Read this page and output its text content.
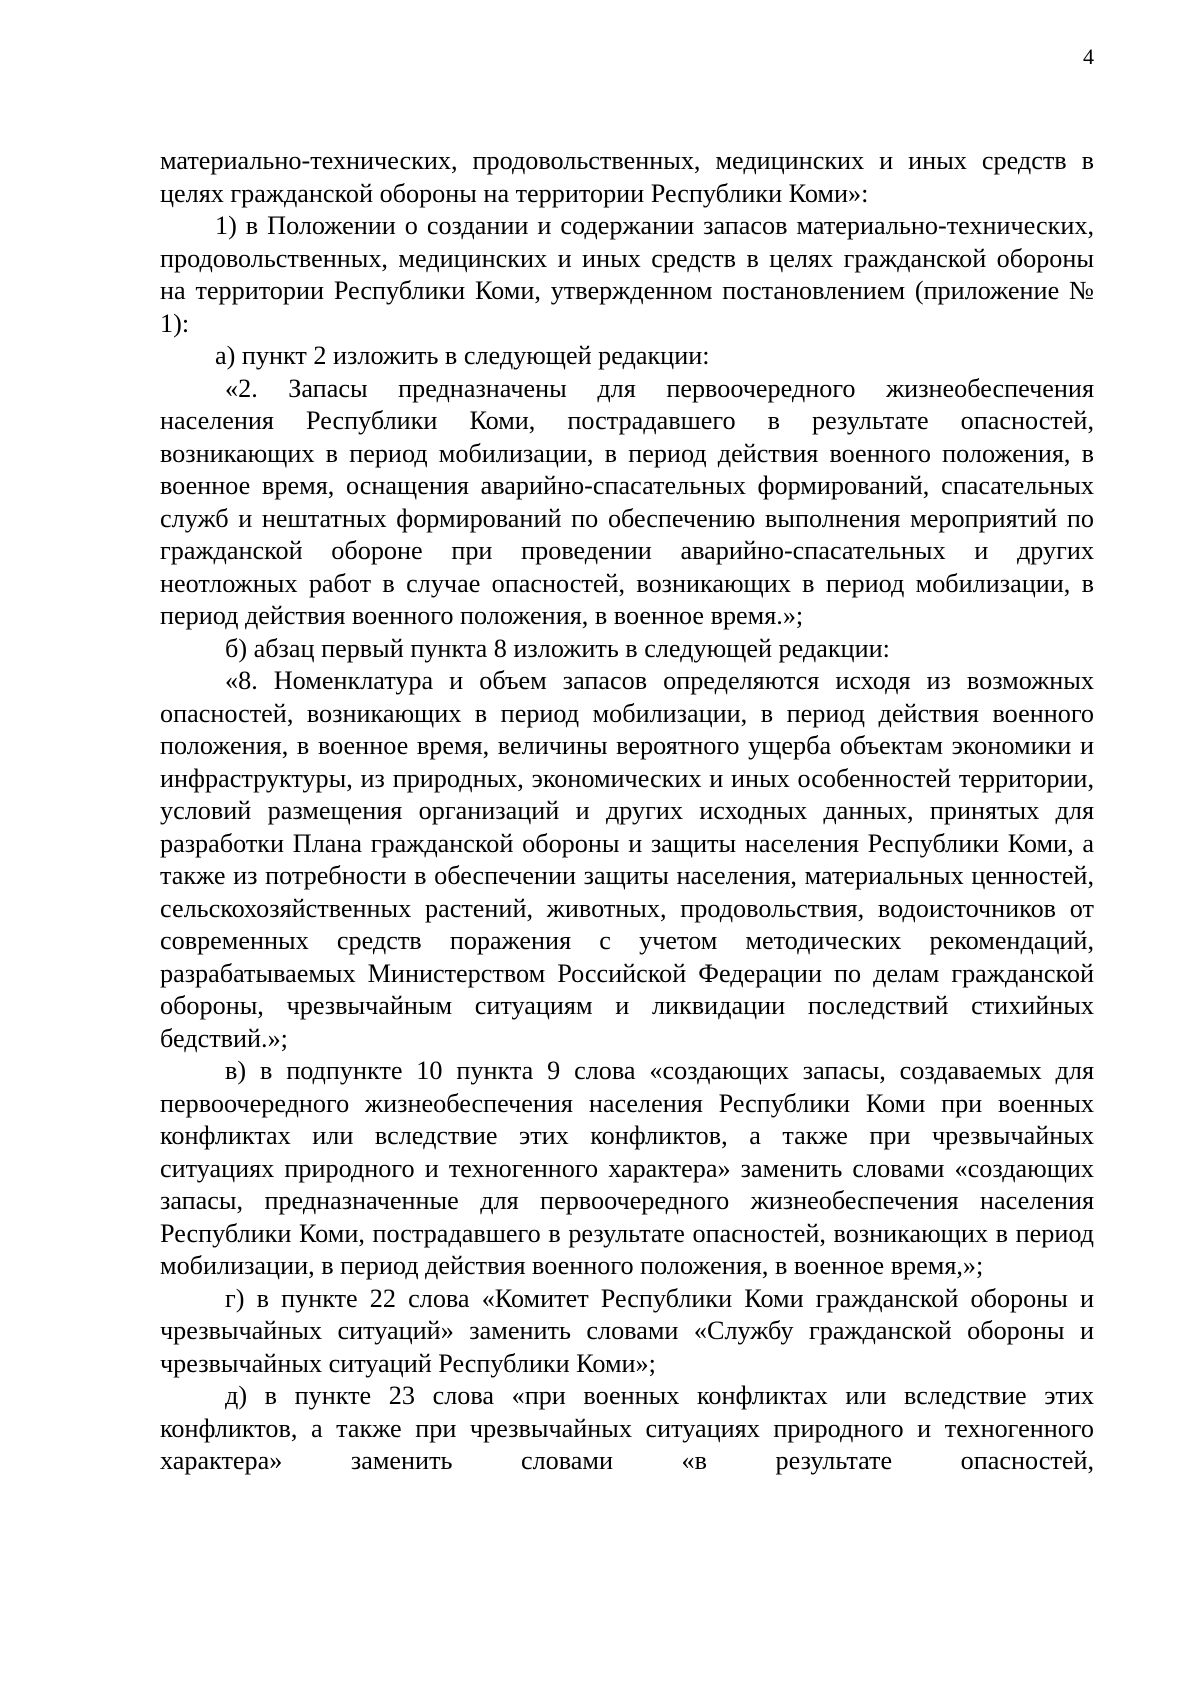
4

материально-технических, продовольственных, медицинских и иных средств в целях гражданской обороны на территории Республики Коми»:

1) в Положении о создании и содержании запасов материально-технических, продовольственных, медицинских и иных средств в целях гражданской обороны на территории Республики Коми, утвержденном постановлением (приложение № 1):

а) пункт 2 изложить в следующей редакции:

«2. Запасы предназначены для первоочередного жизнеобеспечения населения Республики Коми, пострадавшего в результате опасностей, возникающих в период мобилизации, в период действия военного положения, в военное время, оснащения аварийно-спасательных формирований, спасательных служб и нештатных формирований по обеспечению выполнения мероприятий по гражданской обороне при проведении аварийно-спасательных и других неотложных работ в случае опасностей, возникающих в период мобилизации, в период действия военного положения, в военное время.»;

б) абзац первый пункта 8 изложить в следующей редакции:

«8. Номенклатура и объем запасов определяются исходя из возможных опасностей, возникающих в период мобилизации, в период действия военного положения, в военное время, величины вероятного ущерба объектам экономики и инфраструктуры, из природных, экономических и иных особенностей территории, условий размещения организаций и других исходных данных, принятых для разработки Плана гражданской обороны и защиты населения Республики Коми, а также из потребности в обеспечении защиты населения, материальных ценностей, сельскохозяйственных растений, животных, продовольствия, водоисточников от современных средств поражения с учетом методических рекомендаций, разрабатываемых Министерством Российской Федерации по делам гражданской обороны, чрезвычайным ситуациям и ликвидации последствий стихийных бедствий.»;

в) в подпункте 10 пункта 9 слова «создающих запасы, создаваемых для первоочередного жизнеобеспечения населения Республики Коми при военных конфликтах или вследствие этих конфликтов, а также при чрезвычайных ситуациях природного и техногенного характера» заменить словами «создающих запасы, предназначенные для первоочередного жизнеобеспечения населения Республики Коми, пострадавшего в результате опасностей, возникающих в период мобилизации, в период действия военного положения, в военное время,»;

г) в пункте 22 слова «Комитет Республики Коми гражданской обороны и чрезвычайных ситуаций» заменить словами «Службу гражданской обороны и чрезвычайных ситуаций Республики Коми»;

д) в пункте 23 слова «при военных конфликтах или вследствие этих конфликтов, а также при чрезвычайных ситуациях природного и техногенного характера» заменить словами «в результате опасностей,
